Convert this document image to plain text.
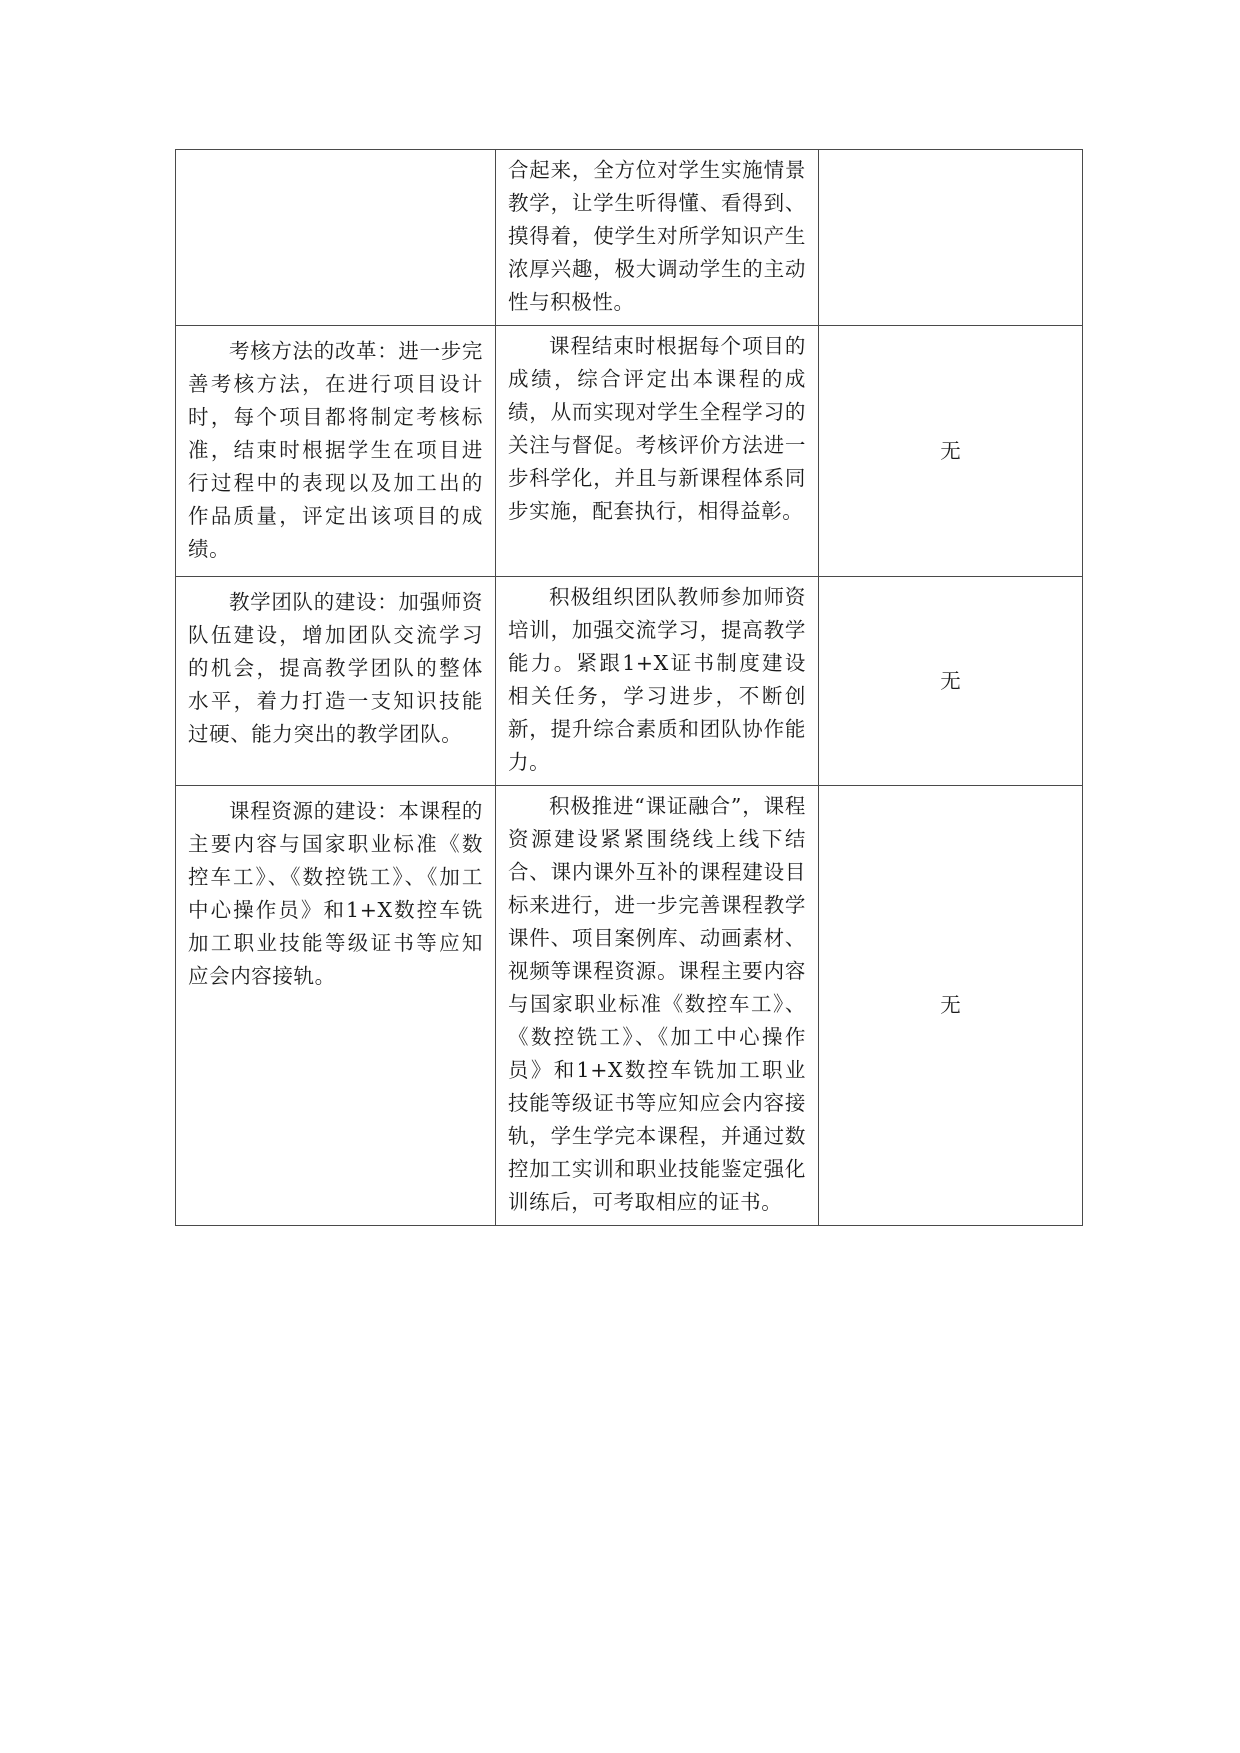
	合起来，全方位对学生实施情景教学，让学生听得懂、看得到、摸得着，使学生对所学知识产生浓厚兴趣，极大调动学生的主动性与积极性。	

考核方法的改革：进一步完善考核方法，在进行项目设计时，每个项目都将制定考核标准，结束时根据学生在项目进行过程中的表现以及加工出的作品质量，评定出该项目的成绩。	课程结束时根据每个项目的成绩，综合评定出本课程的成绩，从而实现对学生全程学习的关注与督促。考核评价方法进一步科学化，并且与新课程体系同步实施，配套执行，相得益彰。	无

教学团队的建设：加强师资队伍建设，增加团队交流学习的机会，提高教学团队的整体水平，着力打造一支知识技能过硬、能力突出的教学团队。	积极组织团队教师参加师资培训，加强交流学习，提高教学能力。紧跟1+X证书制度建设相关任务，学习进步，不断创新，提升综合素质和团队协作能力。	无

课程资源的建设：本课程的主要内容与国家职业标准《数控车工》、《数控铣工》、《加工中心操作员》和1+X数控车铣加工职业技能等级证书等应知应会内容接轨。	积极推进“课证融合”，课程资源建设紧紧围绕线上线下结合、课内课外互补的课程建设目标来进行，进一步完善课程教学课件、项目案例库、动画素材、视频等课程资源。课程主要内容与国家职业标准《数控车工》、《数控铣工》、《加工中心操作员》和1+X数控车铣加工职业技能等级证书等应知应会内容接轨，学生学完本课程，并通过数控加工实训和职业技能鉴定强化训练后，可考取相应的证书。	无
